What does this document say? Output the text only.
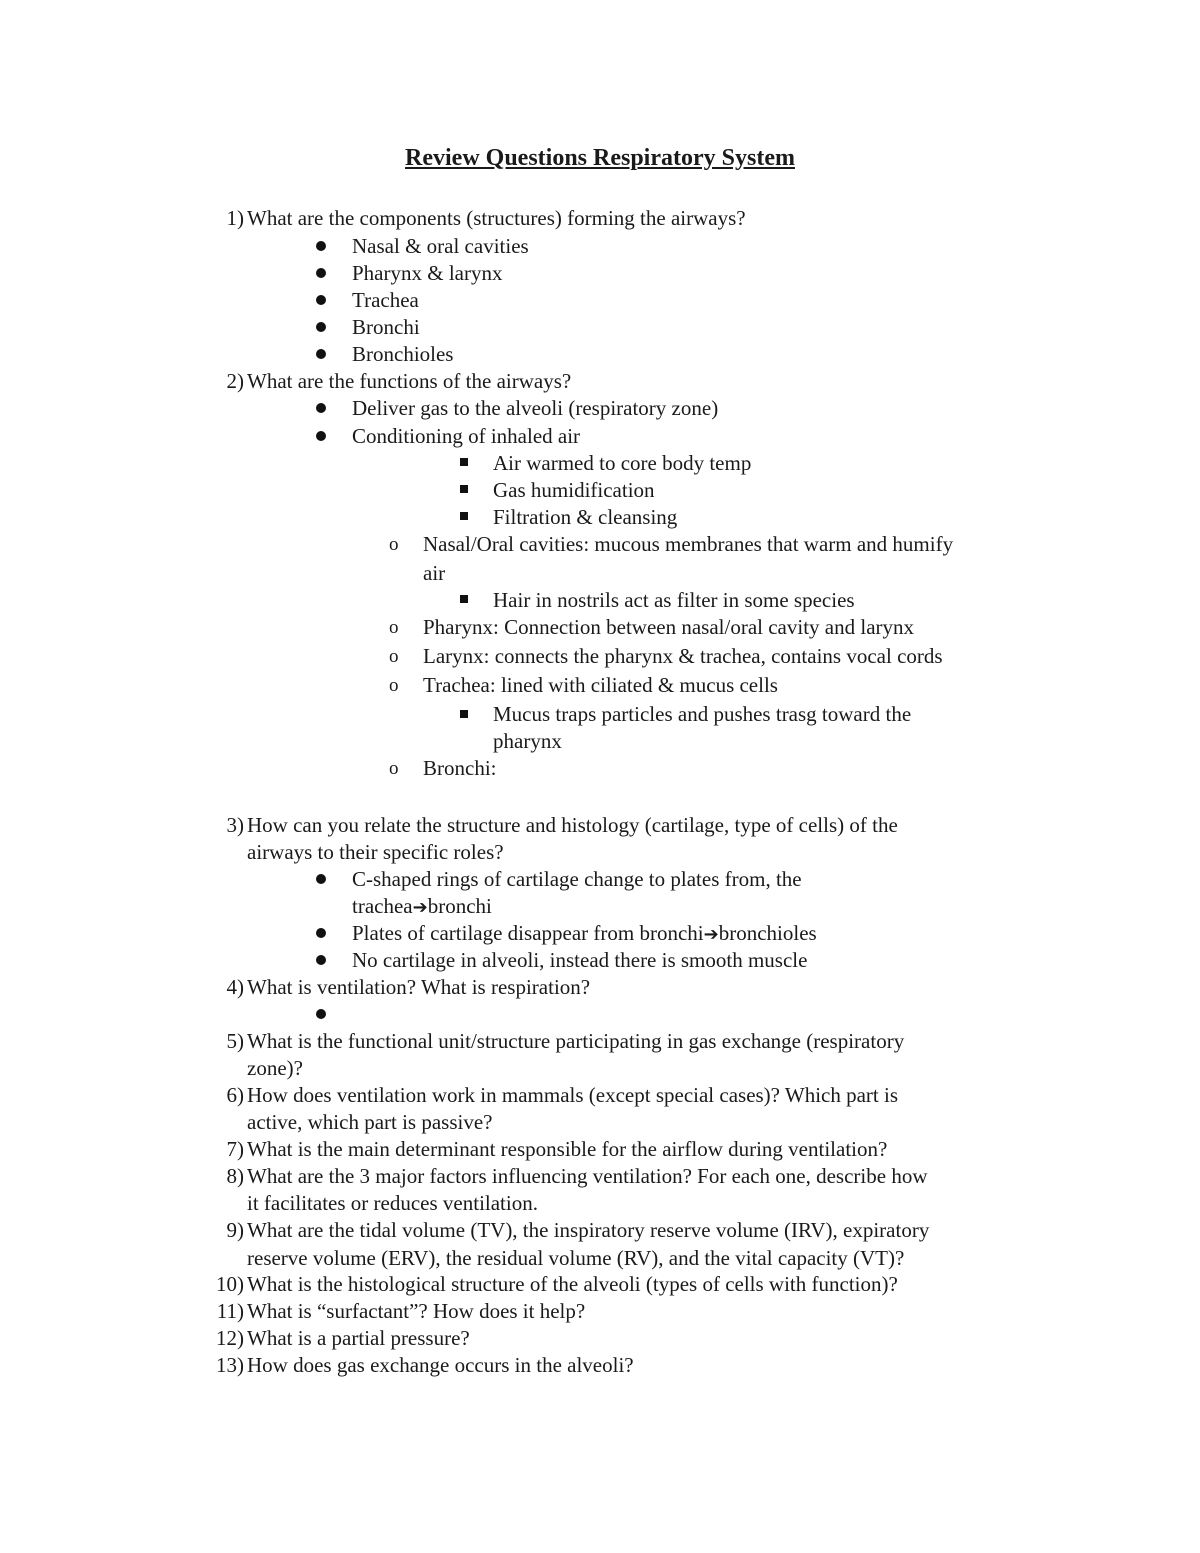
Review Questions Respiratory System
1) What are the components (structures) forming the airways?
Nasal & oral cavities
Pharynx & larynx
Trachea
Bronchi
Bronchioles
2) What are the functions of the airways?
Deliver gas to the alveoli (respiratory zone)
Conditioning of inhaled air
Air warmed to core body temp
Gas humidification
Filtration & cleansing
o Nasal/Oral cavities: mucous membranes that warm and humify
air
Hair in nostrils act as filter in some species
o Pharynx: Connection between nasal/oral cavity and larynx
o Larynx: connects the pharynx & trachea, contains vocal cords
o Trachea: lined with ciliated & mucus cells
Mucus traps particles and pushes trasg toward the
pharynx
o Bronchi:
3) How can you relate the structure and histology (cartilage, type of cells) of the
airways to their specific roles?
C-shaped rings of cartilage change to plates from, the
trachea➔bronchi
Plates of cartilage disappear from bronchi➔bronchioles
No cartilage in alveoli, instead there is smooth muscle
4) What is ventilation? What is respiration?
5) What is the functional unit/structure participating in gas exchange (respiratory
zone)?
6) How does ventilation work in mammals (except special cases)? Which part is
active, which part is passive?
7) What is the main determinant responsible for the airflow during ventilation?
8) What are the 3 major factors influencing ventilation? For each one, describe how
it facilitates or reduces ventilation.
9) What are the tidal volume (TV), the inspiratory reserve volume (IRV), expiratory
reserve volume (ERV), the residual volume (RV), and the vital capacity (VT)?
10) What is the histological structure of the alveoli (types of cells with function)?
11) What is “surfactant”? How does it help?
12) What is a partial pressure?
13) How does gas exchange occurs in the alveoli?
